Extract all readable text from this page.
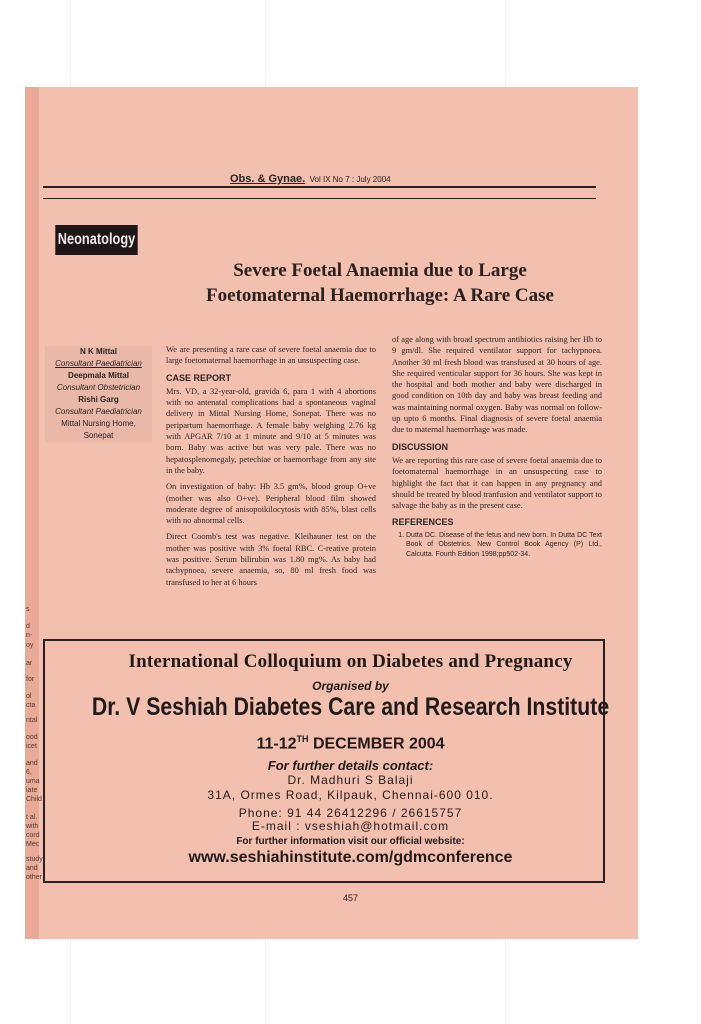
Obs. & Gynae. Vol IX No 7 : July 2004
Neonatology
Severe Foetal Anaemia due to Large
Foetomaternal Haemorrhage: A Rare Case
N K Mittal
Consultant Paediatrician
Deepmala Mittal
Consultant Obstetrician
Rishi Garg
Consultant Paediatrician
Mittal Nursing Home,
Sonepat

We are presenting a rare case of severe foetal anaemia due to large foetomaternal haemorrhage in an unsuspecting case.

CASE REPORT

Mrs. VD, a 32-year-old, gravida 6, para 1 with 4 abortions with no antenatal complications had a spontaneous vaginal delivery in Mittal Nursing Home, Sonepat. There was no peripartum haemorrhage. A female baby weighing 2.76 kg with APGAR 7/10 at 1 minute and 9/10 at 5 minutes was born. Baby was active but was very pale. There was no hepatosplenomegaly, petechiae or haemorrhage from any site in the baby.

On investigation of baby: Hb 3.5 gm%, blood group O+ve (mother was also O+ve). Peripheral blood film showed moderate degree of anisopoikilocytosis with 85%, blast cells with no abnormal cells.

Direct Coomb's test was negative. Kleihauner test on the mother was positive with 3% foetal RBC. C-reative protein was positive. Serum bilirubin was 1.80 mg%. As baby had tachypnoea, severe anaemia, so, 80 ml fresh food was transfused to her at 6 hours

of age along with broad spectrum antibiotics raising her Hb to 9 gm/dl. She required ventilator support for tachypnoea. Another 30 ml fresh blood was transfused at 30 hours of age. She required venticular support for 36 hours. She was kept in the hospital and both mother and baby were discharged in good condition on 10th day and baby was breast feeding and was maintaining normal oxygen. Baby was normal on follow-up upto 6 months. Final diagnosis of severe foetal anaemia due to maternal haemorrhage was made.

DISCUSSION

We are reporting this rare case of severe foetal anaemia due to foetomaternal haemorrhage in an unsuspecting case to highlight the fact that it can happen in any pregnancy and should be treated by blood tranfusion and ventilator support to salvage the baby as in the present case.

REFERENCES
1. Dutta DC. Disease of the fetus and new born. In Dutta DC Text Book of Obstetrics. New Control Book Agency (P) Ltd., Calcutta. Fourth Edition 1998;pp502-34.
International Colloquium on Diabetes and Pregnancy
Organised by
Dr. V Seshiah Diabetes Care and Research Institute
11-12TH DECEMBER 2004
For further details contact:
Dr. Madhuri S Balaji
31A, Ormes Road, Kilpauk, Chennai-600 010.
Phone: 91 44 26412296 / 26615757
E-mail : vseshiah@hotmail.com
For further information visit our official website:
www.seshiahinstitute.com/gdmconference
457
s
d
n-
oy
ar
for
ol
cta
ntal
ood
icet
and
6,
uma
iate
Child
t al.
with
cord
Mec
study
and
other
